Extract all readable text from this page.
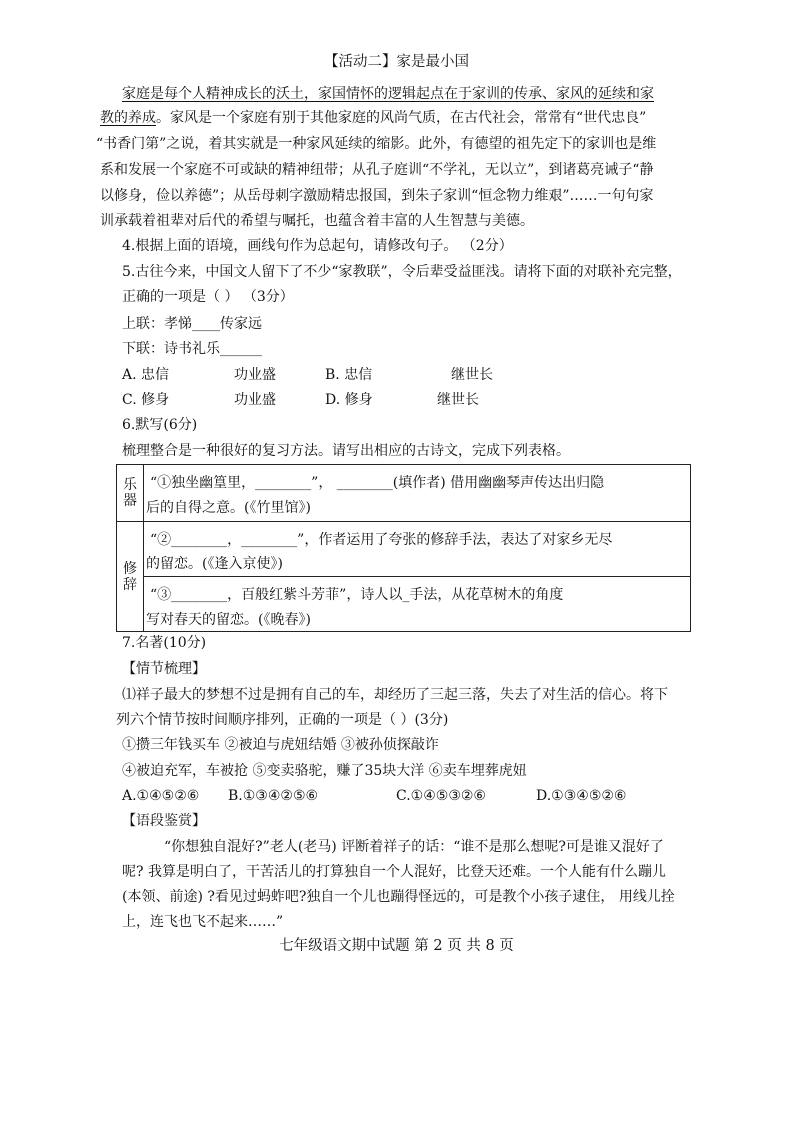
【活动二】家是最小国
家庭是每个人精神成长的沃土，家国情怀的逻辑起点在于家训的传承、家风的延续和家
教的养成。家风是一个家庭有别于其他家庭的风尚气质，在古代社会，常常有“世代忠良”
“书香门第”之说，着其实就是一种家风延续的缩影。此外，有德望的祖先定下的家训也是维
系和发展一个家庭不可或缺的精神纽带；从孔子庭训“不学礼，无以立”，到诸葛亮诫子“静
以修身，俭以养德”；从岳母刺字激励精忠报国，到朱子家训“恒念物力维艰”……一句句家
训承载着祖辈对后代的希望与嘱托，也蕴含着丰富的人生智慧与美德。
4.根据上面的语境，画线句作为总起句，请修改句子。 （2分）
5.古往今来，中国文人留下了不少“家教联”，令后辈受益匪浅。请将下面的对联补充完整，
正确的一项是（ ） （3分）
上联：孝悌____传家远
下联：诗书礼乐______
A. 忠信	功业盛	B. 忠信	继世长
C. 修身	功业盛	D. 修身	继世长
6.默写(6分)
梳理整合是一种很好的复习方法。请写出相应的古诗文，完成下列表格。
乐器	“①独坐幽篁里，________”， ________(填作者) 借用幽幽琴声传达出归隐
后的自得之意。(《竹里馆》)

修辞	“②________，________”，作者运用了夸张的修辞手法，表达了对家乡无尽
的留恋。(《逢入京使》)

	“③________，百般红紫斗芳菲”，诗人以_手法，从花草树木的角度
写对春天的留恋。(《晚春》)
7.名著(10分)
【情节梳理】
⑴祥子最大的梦想不过是拥有自己的车，却经历了三起三落，失去了对生活的信心。将下
列六个情节按时间顺序排列，正确的一项是（ ）(3分)
①攒三年钱买车 ②被迫与虎妞结婚 ③被孙侦探敲诈
④被迫充军，车被抢 ⑤变卖骆驼，赚了35块大洋 ⑥卖车埋葬虎妞
A.①④⑤②⑥ B.①③④②⑤⑥	C.①④⑤③②⑥	D.①③④⑤②⑥
【语段鉴赏】
“你想独自混好?”老人(老马) 评断着祥子的话：“谁不是那么想呢?可是谁又混好了
呢? 我算是明白了，干苦活儿的打算独自一个人混好，比登天还难。一个人能有什么蹦儿
(本领、前途) ?看见过蚂蚱吧?独自一个儿也蹦得怪远的，可是教个小孩子逮住， 用线儿拴
上，连飞也飞不起来……”
七年级语文期中试题 第 2 页 共 8 页
